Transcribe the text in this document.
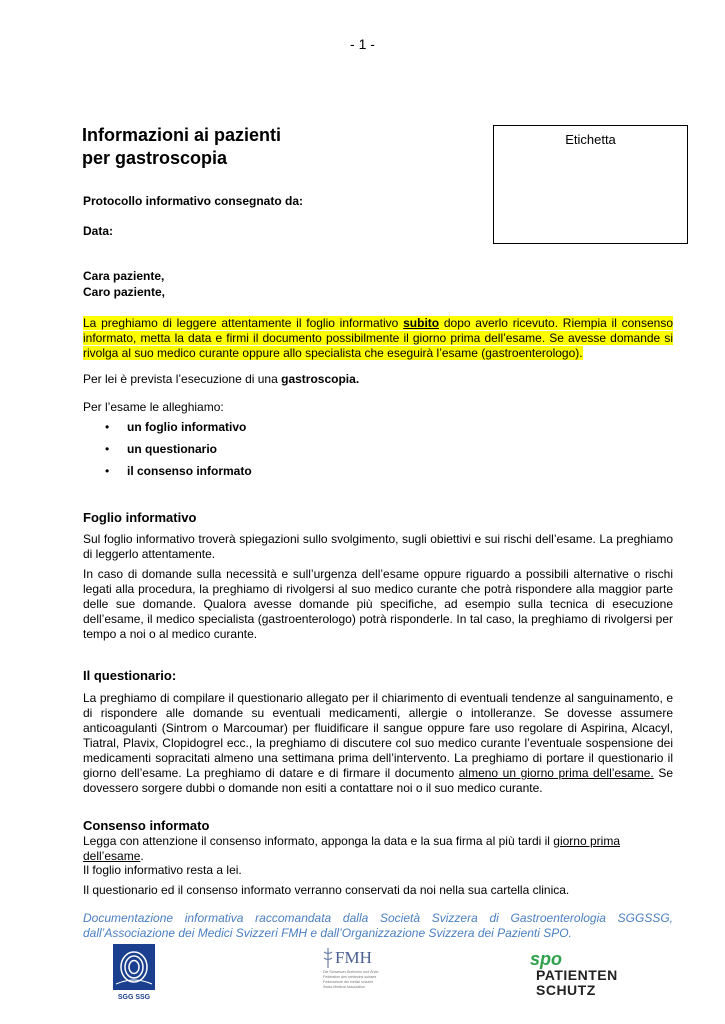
- 1 -
Informazioni ai pazienti
per gastroscopia
Etichetta
Protocollo informativo consegnato da:
Data:
Cara paziente,
Caro paziente,
La preghiamo di leggere attentamente il foglio informativo subito dopo averlo ricevuto. Riempia il consenso informato, metta la data e firmi il documento possibilmente il giorno prima dell’esame. Se avesse domande si rivolga al suo medico curante oppure allo specialista che eseguirà l’esame (gastroenterologo).
Per lei è prevista l’esecuzione di una gastroscopia.
Per l’esame le alleghiamo:
• un foglio informativo
• un questionario
• il consenso informato
Foglio informativo
Sul foglio informativo troverà spiegazioni sullo svolgimento, sugli obiettivi e sui rischi dell’esame. La preghiamo di leggerlo attentamente.
In caso di domande sulla necessità e sull’urgenza dell’esame oppure riguardo a possibili alternative o rischi legati alla procedura, la preghiamo di rivolgersi al suo medico curante che potrà rispondere alla maggior parte delle sue domande. Qualora avesse domande più specifiche, ad esempio sulla tecnica di esecuzione dell’esame, il medico specialista (gastroenterologo) potrà risponderle. In tal caso, la preghiamo di rivolgersi per tempo a noi o al medico curante.
Il questionario:
La preghiamo di compilare il questionario allegato per il chiarimento di eventuali tendenze al sanguinamento, e di rispondere alle domande su eventuali medicamenti, allergie o intolleranze. Se dovesse assumere anticoagulanti (Sintrom o Marcoumar) per fluidificare il sangue oppure fare uso regolare di Aspirina, Alcacyl, Tiatral, Plavix, Clopidogrel ecc., la preghiamo di discutere col suo medico curante l’eventuale sospensione dei medicamenti sopracitati almeno una settimana prima dell’intervento. La preghiamo di portare il questionario il giorno dell’esame. La preghiamo di datare e di firmare il documento almeno un giorno prima dell’esame. Se dovessero sorgere dubbi o domande non esiti a contattare noi o il suo medico curante.
Consenso informato
Legga con attenzione il consenso informato, apponga la data e la sua firma al più tardi il giorno prima dell’esame.
Il foglio informativo resta a lei.
Il questionario ed il consenso informato verranno conservati da noi nella sua cartella clinica.
Documentazione informativa raccomandata dalla Società Svizzera di Gastroenterologia SGGSSG, dall’Associazione dei Medici Svizzeri FMH e dall’Organizzazione Svizzera dei Pazienti SPO.
SGG SSG
FMH
Die Schweizer Ärztinnen und Ärzte
Fédération des médecins suisses
Federazione dei medici svizzeri
Swiss Medical Association
spo
PATIENTEN
SCHUTZ
